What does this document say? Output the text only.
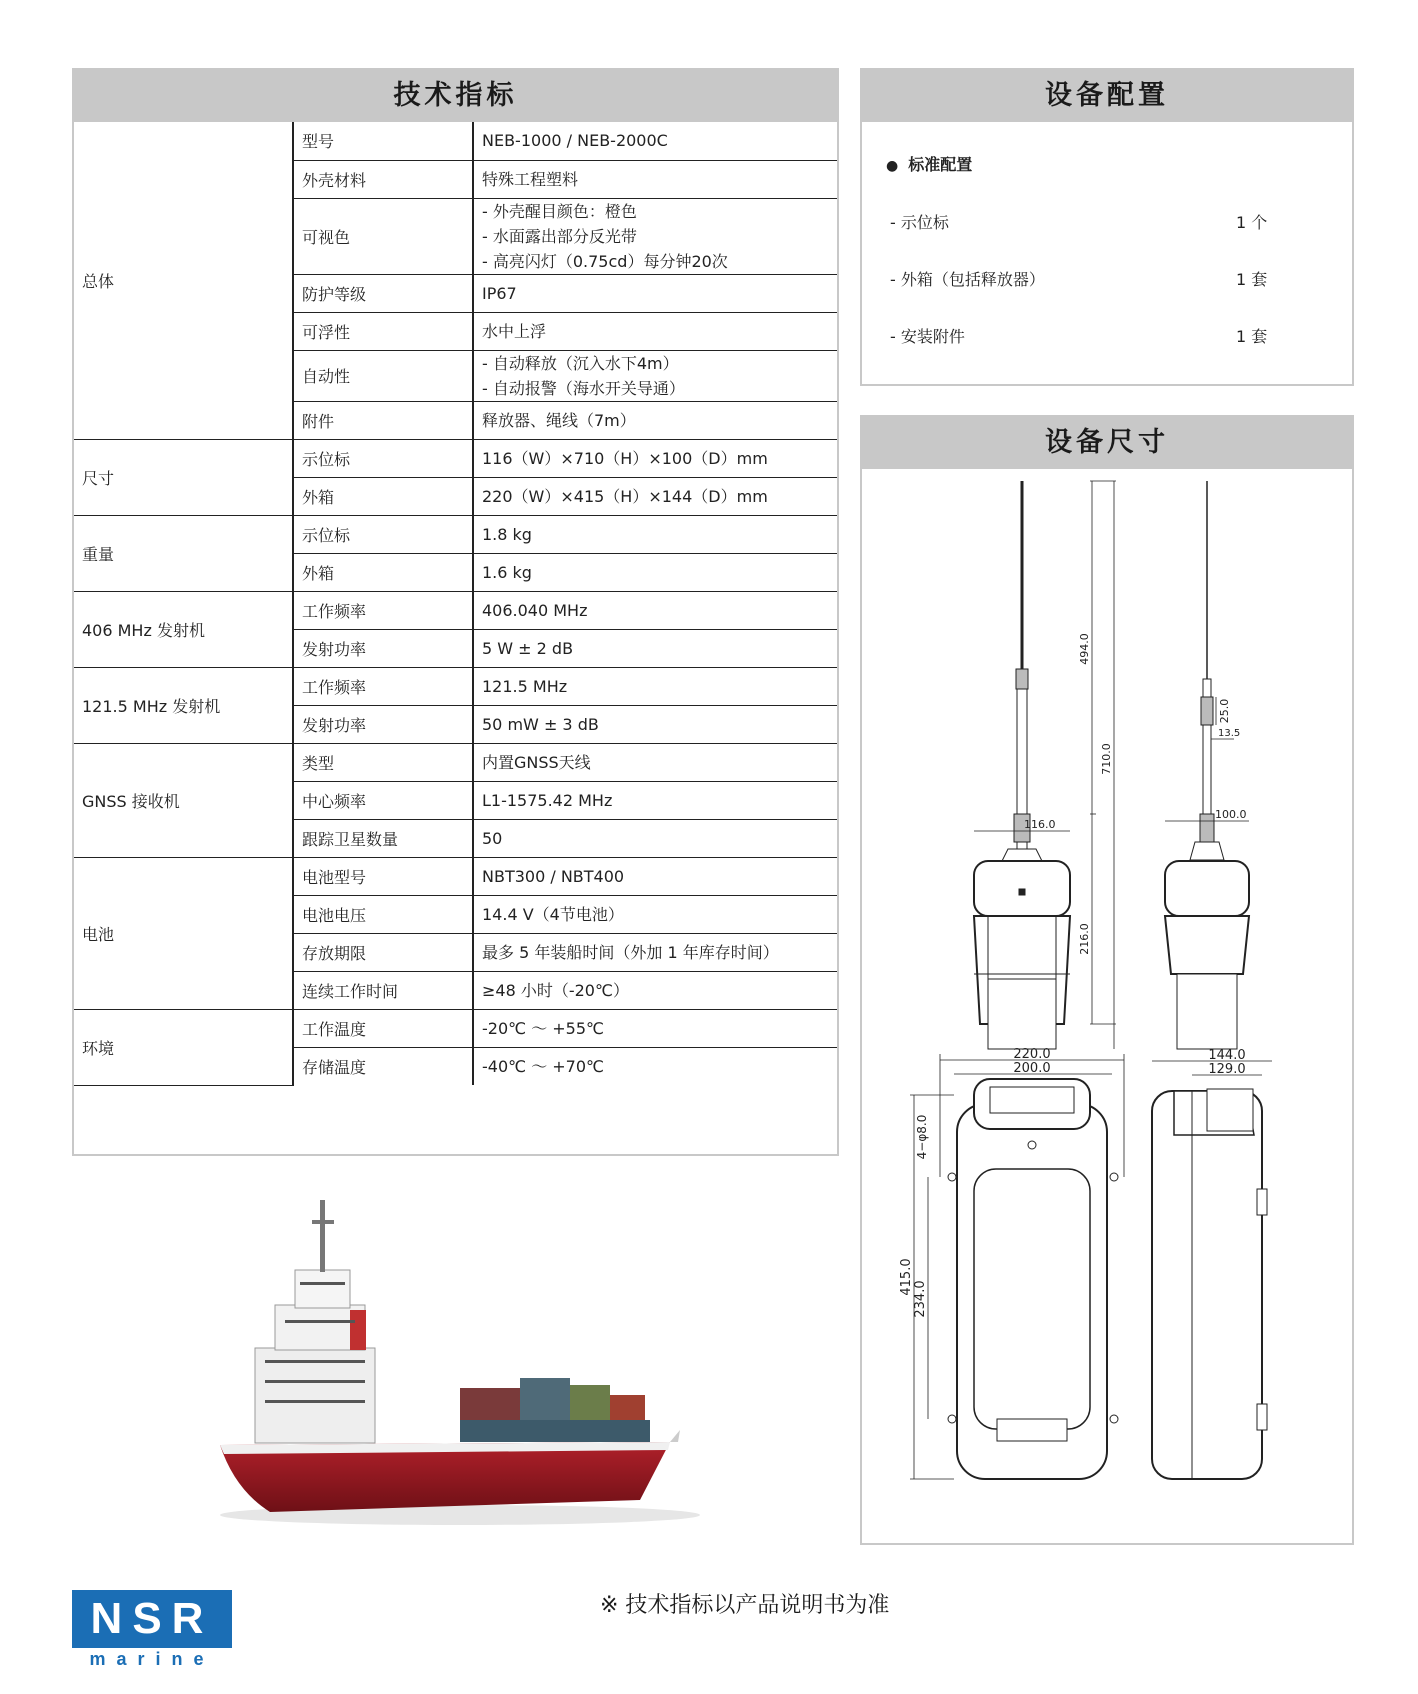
技术指标
总体	型号	NEB-1000 / NEB-2000C

	外壳材料	特殊工程塑料

	可视色	- 外壳醒目颜色：橙色
- 水面露出部分反光带
- 高亮闪灯（0.75cd）每分钟20次

	防护等级	IP67

	可浮性	水中上浮

	自动性	- 自动释放（沉入水下4m）
- 自动报警（海水开关导通）

	附件	释放器、绳线（7m）

尺寸	示位标	116（W）×710（H）×100（D）mm

	外箱	220（W）×415（H）×144（D）mm

重量	示位标	1.8 kg

	外箱	1.6 kg

406 MHz 发射机	工作频率	406.040 MHz

	发射功率	5 W ± 2 dB

121.5 MHz 发射机	工作频率	121.5 MHz

	发射功率	50 mW ± 3 dB

GNSS 接收机	类型	内置GNSS天线

	中心频率	L1-1575.42 MHz

	跟踪卫星数量	50

电池	电池型号	NBT300 / NBT400

	电池电压	14.4 V（4节电池）

	存放期限	最多 5 年装船时间（外加 1 年库存时间）

	连续工作时间	≥48 小时（-20℃）

环境	工作温度	-20℃ ～ +55℃

	存储温度	-40℃ ～ +70℃
设备配置
● 标准配置
- 示位标	1 个
- 外箱（包括释放器）	1 套
- 安装附件	1 套
设备尺寸
494.0
710.0
216.0
116.0
100.0
25.0
13.5
220.0
200.0
144.0
129.0
4−φ8.0
415.0
234.0
NSR
marine
※ 技术指标以产品说明书为准
